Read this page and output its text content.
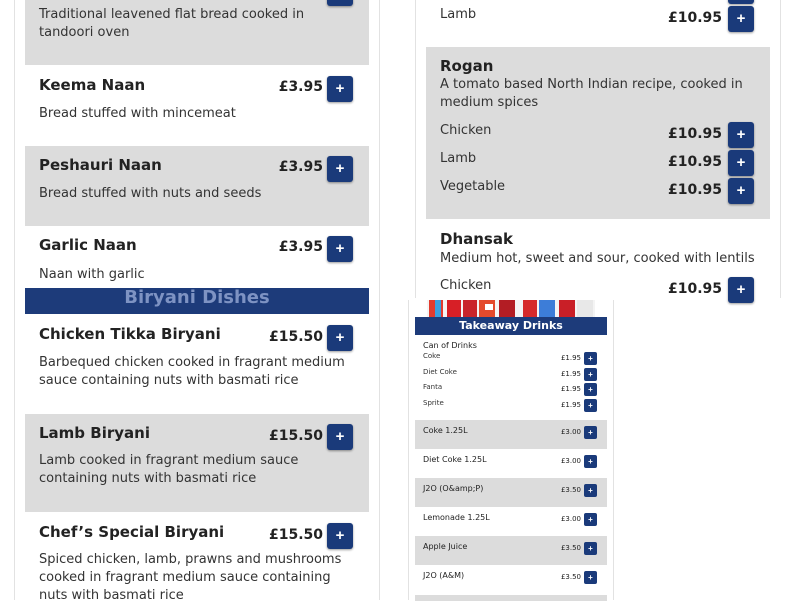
Traditional leavened flat bread cooked in tandoori oven
Keema Naan	£3.95 +
Bread stuffed with mincemeat
Peshauri Naan	£3.95 +
Bread stuffed with nuts and seeds
Garlic Naan	£3.95 +
Naan with garlic
Lamb	£10.95 +
Rogan
A tomato based North Indian recipe, cooked in medium spices
Chicken	£10.95 +
Lamb	£10.95 +
Vegetable	£10.95 +
Dhansak
Medium hot, sweet and sour, cooked with lentils
Chicken	£10.95 +
Biryani Dishes
Chicken Tikka Biryani	£15.50 +
Barbequed chicken cooked in fragrant medium sauce containing nuts with basmati rice
Lamb Biryani	£15.50 +
Lamb cooked in fragrant medium sauce containing nuts with basmati rice
Chef’s Special Biryani	£15.50 +
Spiced chicken, lamb, prawns and mushrooms cooked in fragrant medium sauce containing nuts with basmati rice
Takeaway Drinks
Can of Drinks
Coke	£1.95 +
Diet Coke	£1.95 +
Fanta	£1.95 +
Sprite	£1.95 +
Coke 1.25L	£3.00 +
Diet Coke 1.25L	£3.00 +
J2O (O&amp;P)	£3.50 +
Lemonade 1.25L	£3.00 +
Apple Juice	£3.50 +
J2O (A&M)	£3.50 +
